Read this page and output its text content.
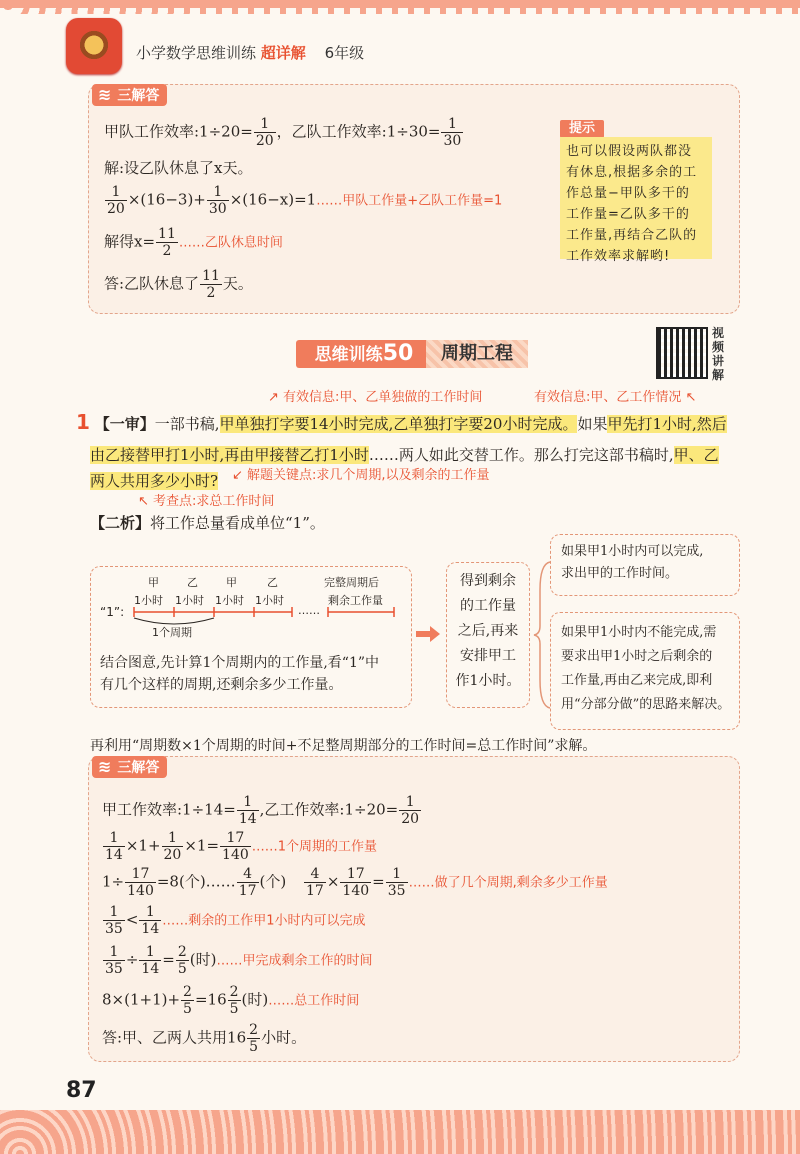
小学数学思维训练 超详解 6年级
≋ 三解答
甲队工作效率:1÷20= $\frac{1}{20}$ ，乙队工作效率:1÷30= $\frac{1}{30}$
解:设乙队休息了x天。
$\frac{1}{20} \times(16-3)+ \frac{1}{30}$ ×(16−x)=1……甲队工作量+乙队工作量=1
解得$x= \frac{11}{2}$ ……乙队休息时间
答:乙队休息了 $\frac{11}{2}$ 天。
提示
也可以假设两队都没
有休息,根据多余的工
作总量−甲队多干的
工作量=乙队多干的
工作量,再结合乙队的
工作效率求解哟!
思维训练50	周期工程
视
频
讲
解
↗ 有效信息:甲、乙单独做的工作时间	有效信息:甲、乙工作情况 ↖
1 【一审】一部书稿,甲单独打字要14小时完成,乙单独打字要20小时完成。如果甲先打1小时,然后
由乙接替甲打1小时,再由甲接替乙打1小时……两人如此交替工作。那么打完这部书稿时,甲、乙
两人共用多少小时? ↙ 解题关键点:求几个周期,以及剩余的工作量
↖ 考查点:求总工作时间
【二析】将工作总量看成单位“1”。
甲	乙	甲	乙
1小时 1小时 1小时 1小时
完整周期后
剩余工作量
“1”:	……
1个周期
结合图意,先计算1个周期内的工作量,看“1”中
有几个这样的周期,还剩余多少工作量。
得到剩余
的工作量
之后,再来
安排甲工
作1小时。
如果甲1小时内可以完成,
求出甲的工作时间。
如果甲1小时内不能完成,需
要求出甲1小时之后剩余的
工作量,再由乙来完成,即利
用“分部分做”的思路来解决。
再利用“周期数×1个周期的时间+不足整周期部分的工作时间=总工作时间”求解。
≋ 三解答
甲工作效率:1÷14= $\frac{1}{14}$ ,乙工作效率:1÷20= $\frac{1}{20}$
$\frac{1}{14} \times 1+ \frac{1}{20} \times 1= \frac{17}{140}$ ……1个周期的工作量
$1\div \frac{17}{140} =8$(个)…… $\frac{4}{17}$ (个) $\frac{4}{17} \times \frac{17}{140} = \frac{1}{35}$ ……做了几个周期,剩余多少工作量
$\frac{1}{35} < \frac{1}{14}$ ……剩余的工作甲1小时内可以完成
$\frac{1}{35} \div \frac{1}{14} = \frac{2}{5}$ (时)……甲完成剩余工作的时间
$8\times(1+1)+ \frac{2}{5} =16 \frac{2}{5}$ (时)……总工作时间
答:甲、乙两人共用$16 \frac{2}{5}$ 小时。
87
